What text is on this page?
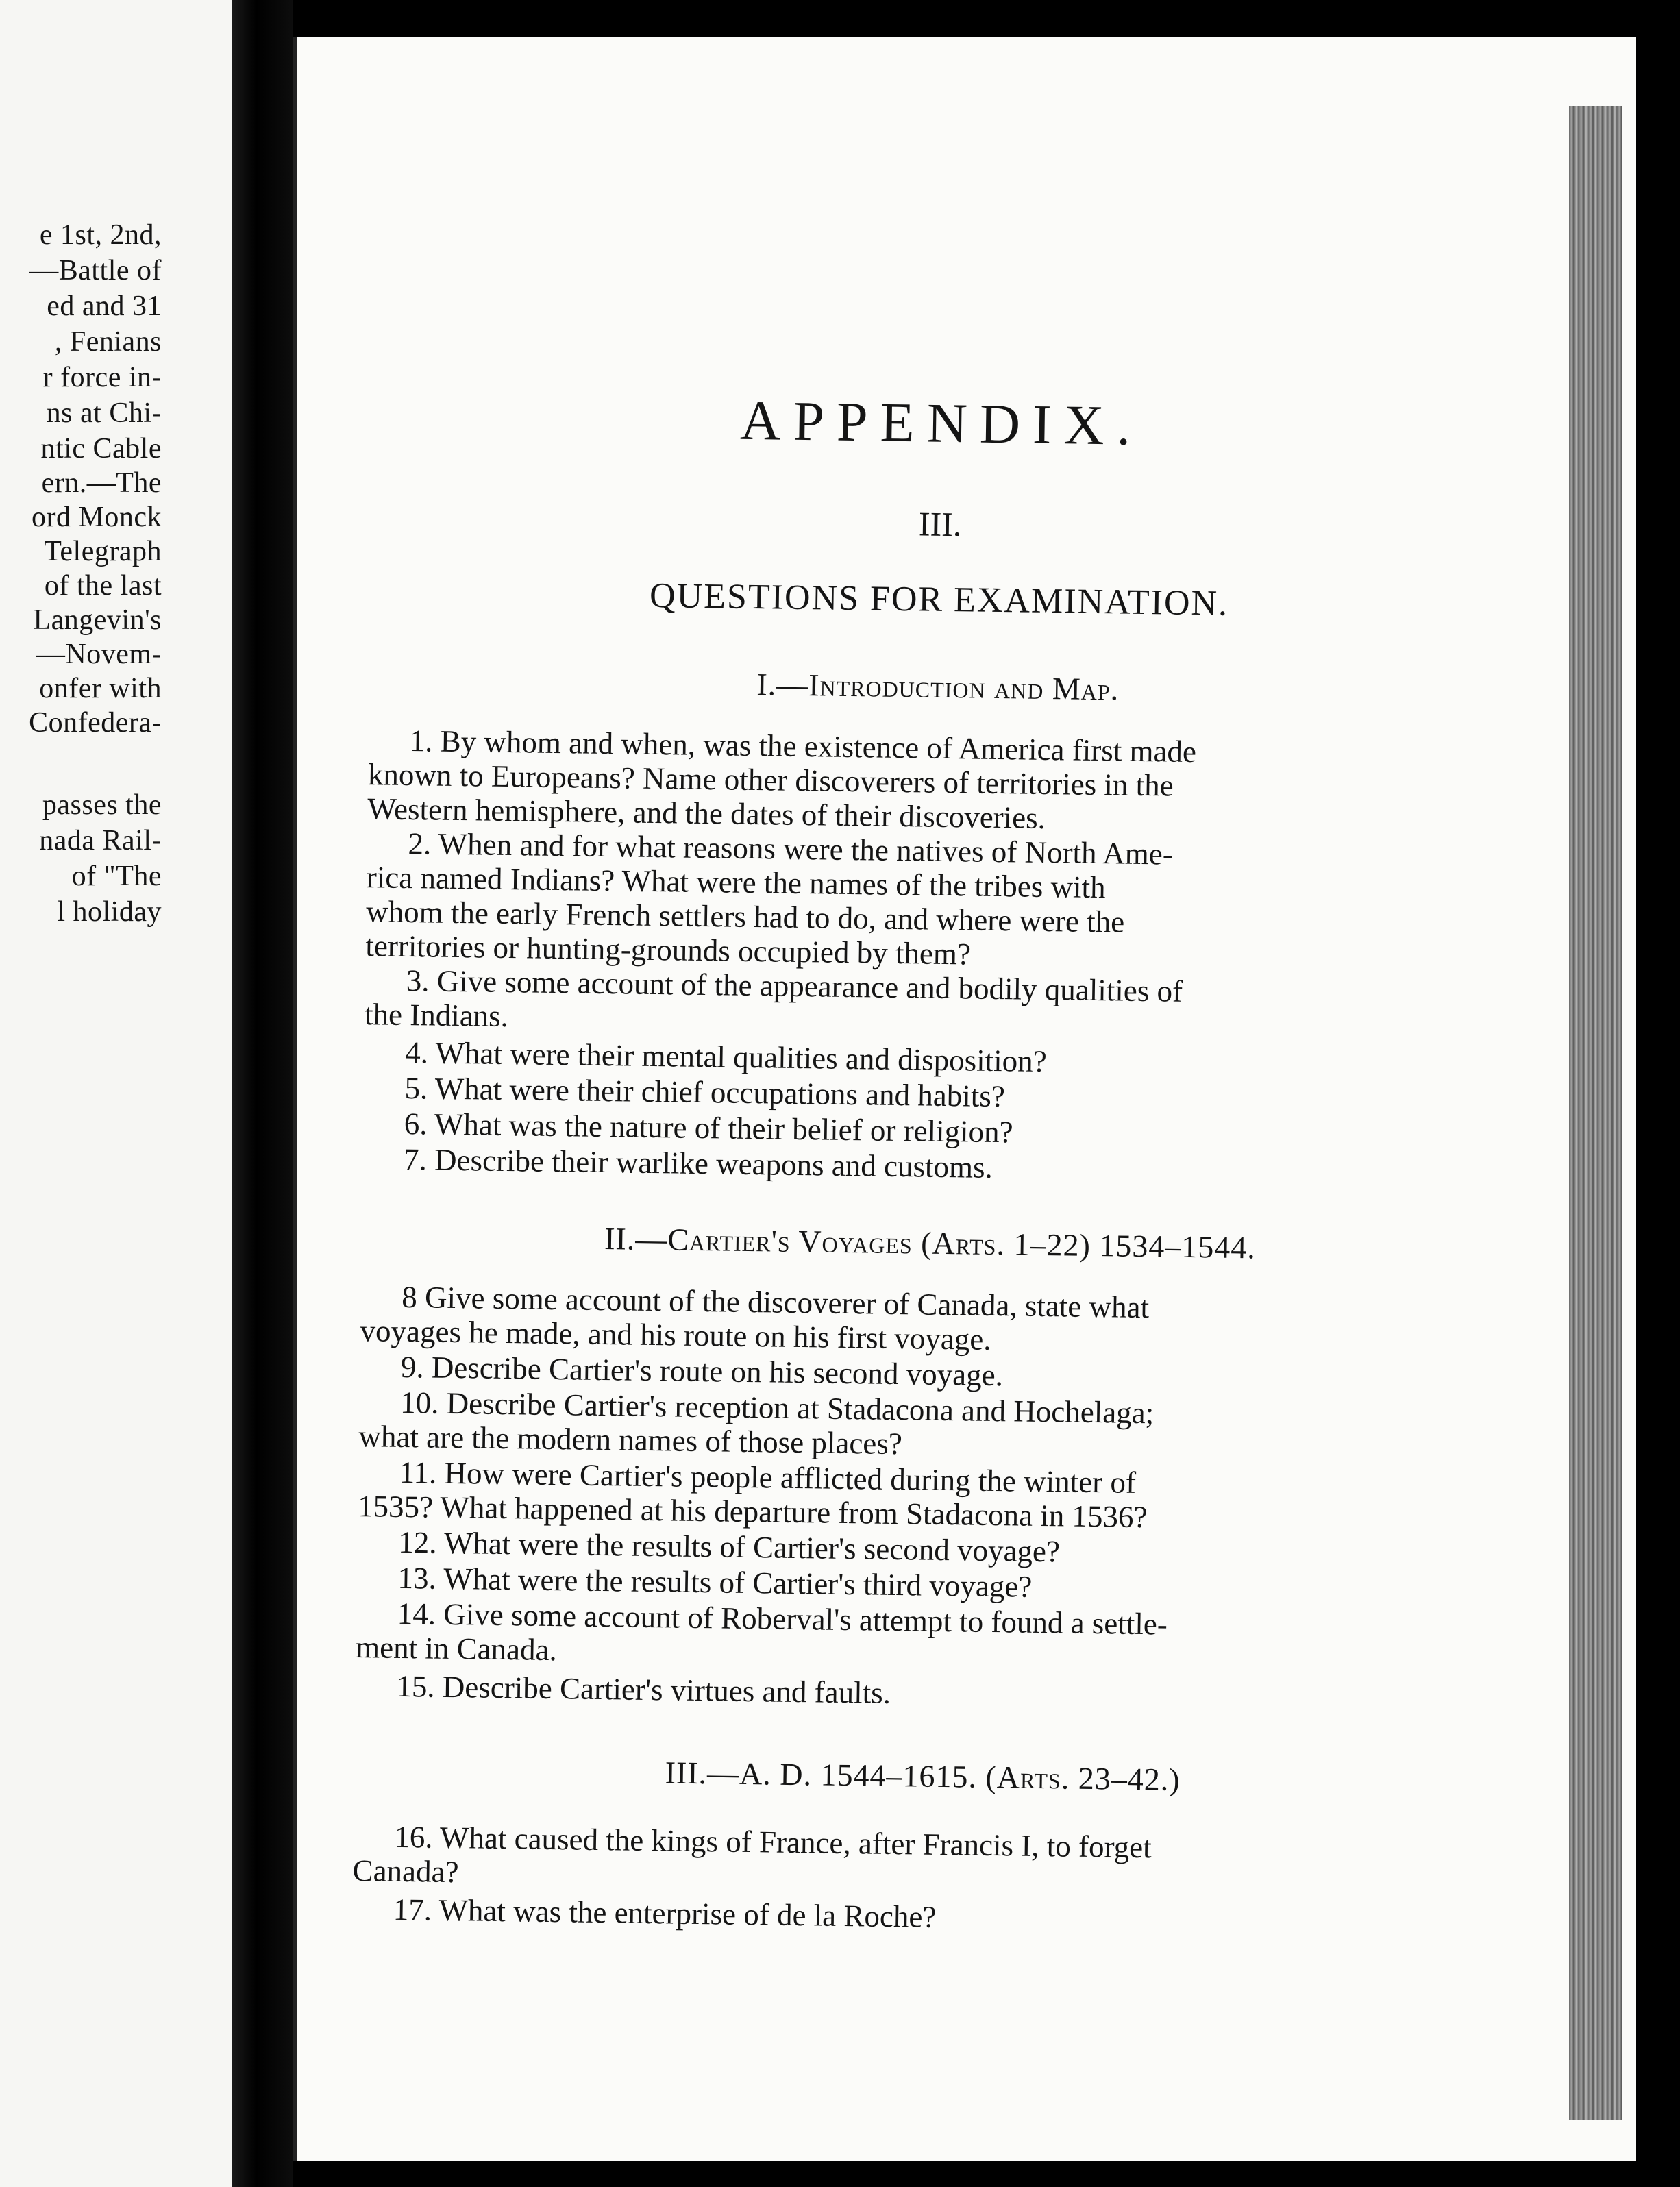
e 1st, 2nd,
—Battle of
ed and 31
, Fenians
r force in-
ns at Chi-
ntic Cable
ern.—The
ord Monck
Telegraph
of the last
Langevin's
—Novem-
onfer with
Confedera-
passes the
nada Rail-
of "The
l holiday
APPENDIX.
III.
QUESTIONS FOR EXAMINATION.
I.—Introduction and Map.
1. By whom and when, was the existence of America first made
known to Europeans? Name other discoverers of territories in the
Western hemisphere, and the dates of their discoveries.
2. When and for what reasons were the natives of North Ame-
rica named Indians? What were the names of the tribes with
whom the early French settlers had to do, and where were the
territories or hunting-grounds occupied by them?
3. Give some account of the appearance and bodily qualities of
the Indians.
4. What were their mental qualities and disposition?
5. What were their chief occupations and habits?
6. What was the nature of their belief or religion?
7. Describe their warlike weapons and customs.
II.—Cartier's Voyages (Arts. 1–22) 1534–1544.
8 Give some account of the discoverer of Canada, state what
voyages he made, and his route on his first voyage.
9. Describe Cartier's route on his second voyage.
10. Describe Cartier's reception at Stadacona and Hochelaga;
what are the modern names of those places?
11. How were Cartier's people afflicted during the winter of
1535? What happened at his departure from Stadacona in 1536?
12. What were the results of Cartier's second voyage?
13. What were the results of Cartier's third voyage?
14. Give some account of Roberval's attempt to found a settle-
ment in Canada.
15. Describe Cartier's virtues and faults.
III.—A. D. 1544–1615. (Arts. 23–42.)
16. What caused the kings of France, after Francis I, to forget
Canada?
17. What was the enterprise of de la Roche?
